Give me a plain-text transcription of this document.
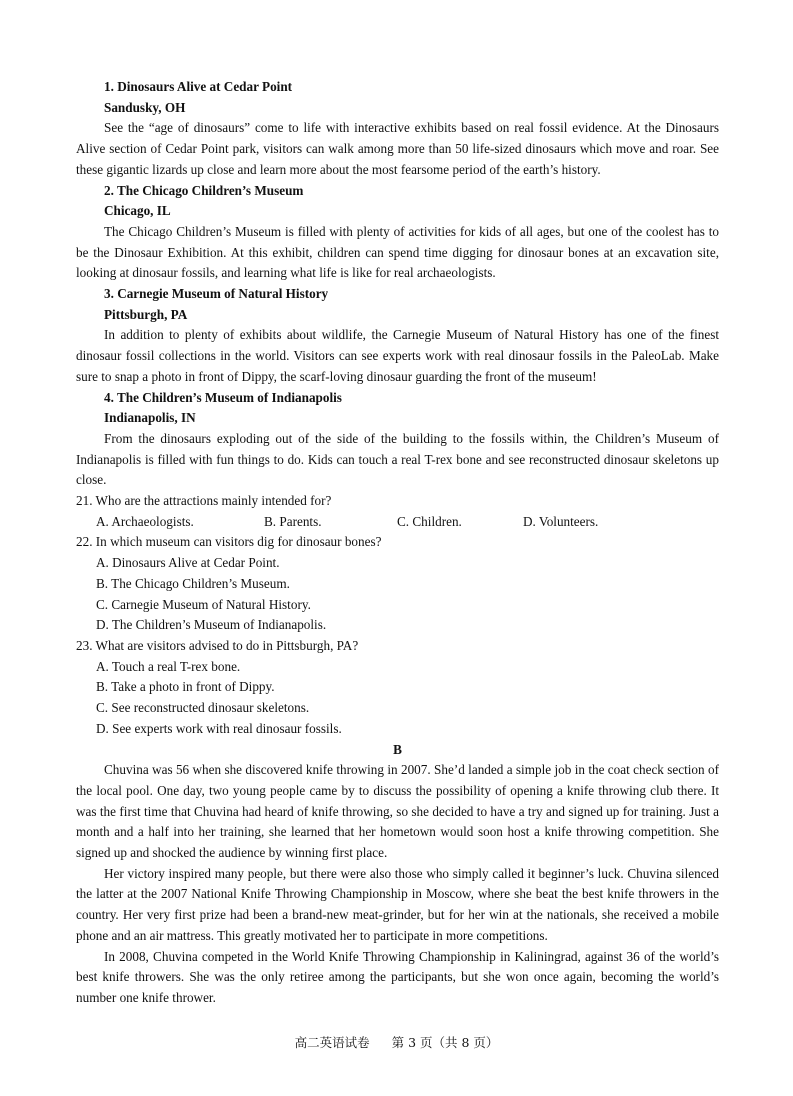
1. Dinosaurs Alive at Cedar Point
Sandusky, OH
See the “age of dinosaurs” come to life with interactive exhibits based on real fossil evidence. At the Dinosaurs Alive section of Cedar Point park, visitors can walk among more than 50 life-sized dinosaurs which move and roar. See these gigantic lizards up close and learn more about the most fearsome period of the earth’s history.
2. The Chicago Children’s Museum
Chicago, IL
The Chicago Children’s Museum is filled with plenty of activities for kids of all ages, but one of the coolest has to be the Dinosaur Exhibition. At this exhibit, children can spend time digging for dinosaur bones at an excavation site, looking at dinosaur fossils, and learning what life is like for real archaeologists.
3. Carnegie Museum of Natural History
Pittsburgh, PA
In addition to plenty of exhibits about wildlife, the Carnegie Museum of Natural History has one of the finest dinosaur fossil collections in the world. Visitors can see experts work with real dinosaur fossils in the PaleoLab. Make sure to snap a photo in front of Dippy, the scarf-loving dinosaur guarding the front of the museum!
4. The Children’s Museum of Indianapolis
Indianapolis, IN
From the dinosaurs exploding out of the side of the building to the fossils within, the Children’s Museum of Indianapolis is filled with fun things to do. Kids can touch a real T-rex bone and see reconstructed dinosaur skeletons up close.
21. Who are the attractions mainly intended for?
A. Archaeologists.	B. Parents.	C. Children.	D. Volunteers.
22. In which museum can visitors dig for dinosaur bones?
A. Dinosaurs Alive at Cedar Point.
B. The Chicago Children’s Museum.
C. Carnegie Museum of Natural History.
D. The Children’s Museum of Indianapolis.
23. What are visitors advised to do in Pittsburgh, PA?
A. Touch a real T-rex bone.
B. Take a photo in front of Dippy.
C. See reconstructed dinosaur skeletons.
D. See experts work with real dinosaur fossils.
B
Chuvina was 56 when she discovered knife throwing in 2007. She’d landed a simple job in the coat check section of the local pool. One day, two young people came by to discuss the possibility of opening a knife throwing club there. It was the first time that Chuvina had heard of knife throwing, so she decided to have a try and signed up for training. Just a month and a half into her training, she learned that her hometown would soon host a knife throwing competition. She signed up and shocked the audience by winning first place.
Her victory inspired many people, but there were also those who simply called it beginner’s luck. Chuvina silenced the latter at the 2007 National Knife Throwing Championship in Moscow, where she beat the best knife throwers in the country. Her very first prize had been a brand-new meat-grinder, but for her win at the nationals, she received a mobile phone and an air mattress. This greatly motivated her to participate in more competitions.
In 2008, Chuvina competed in the World Knife Throwing Championship in Kaliningrad, against 36 of the world’s best knife throwers. She was the only retiree among the participants, but she won once again, becoming the world’s number one knife thrower.
高二英语试卷 第 3 页（共 8 页）
